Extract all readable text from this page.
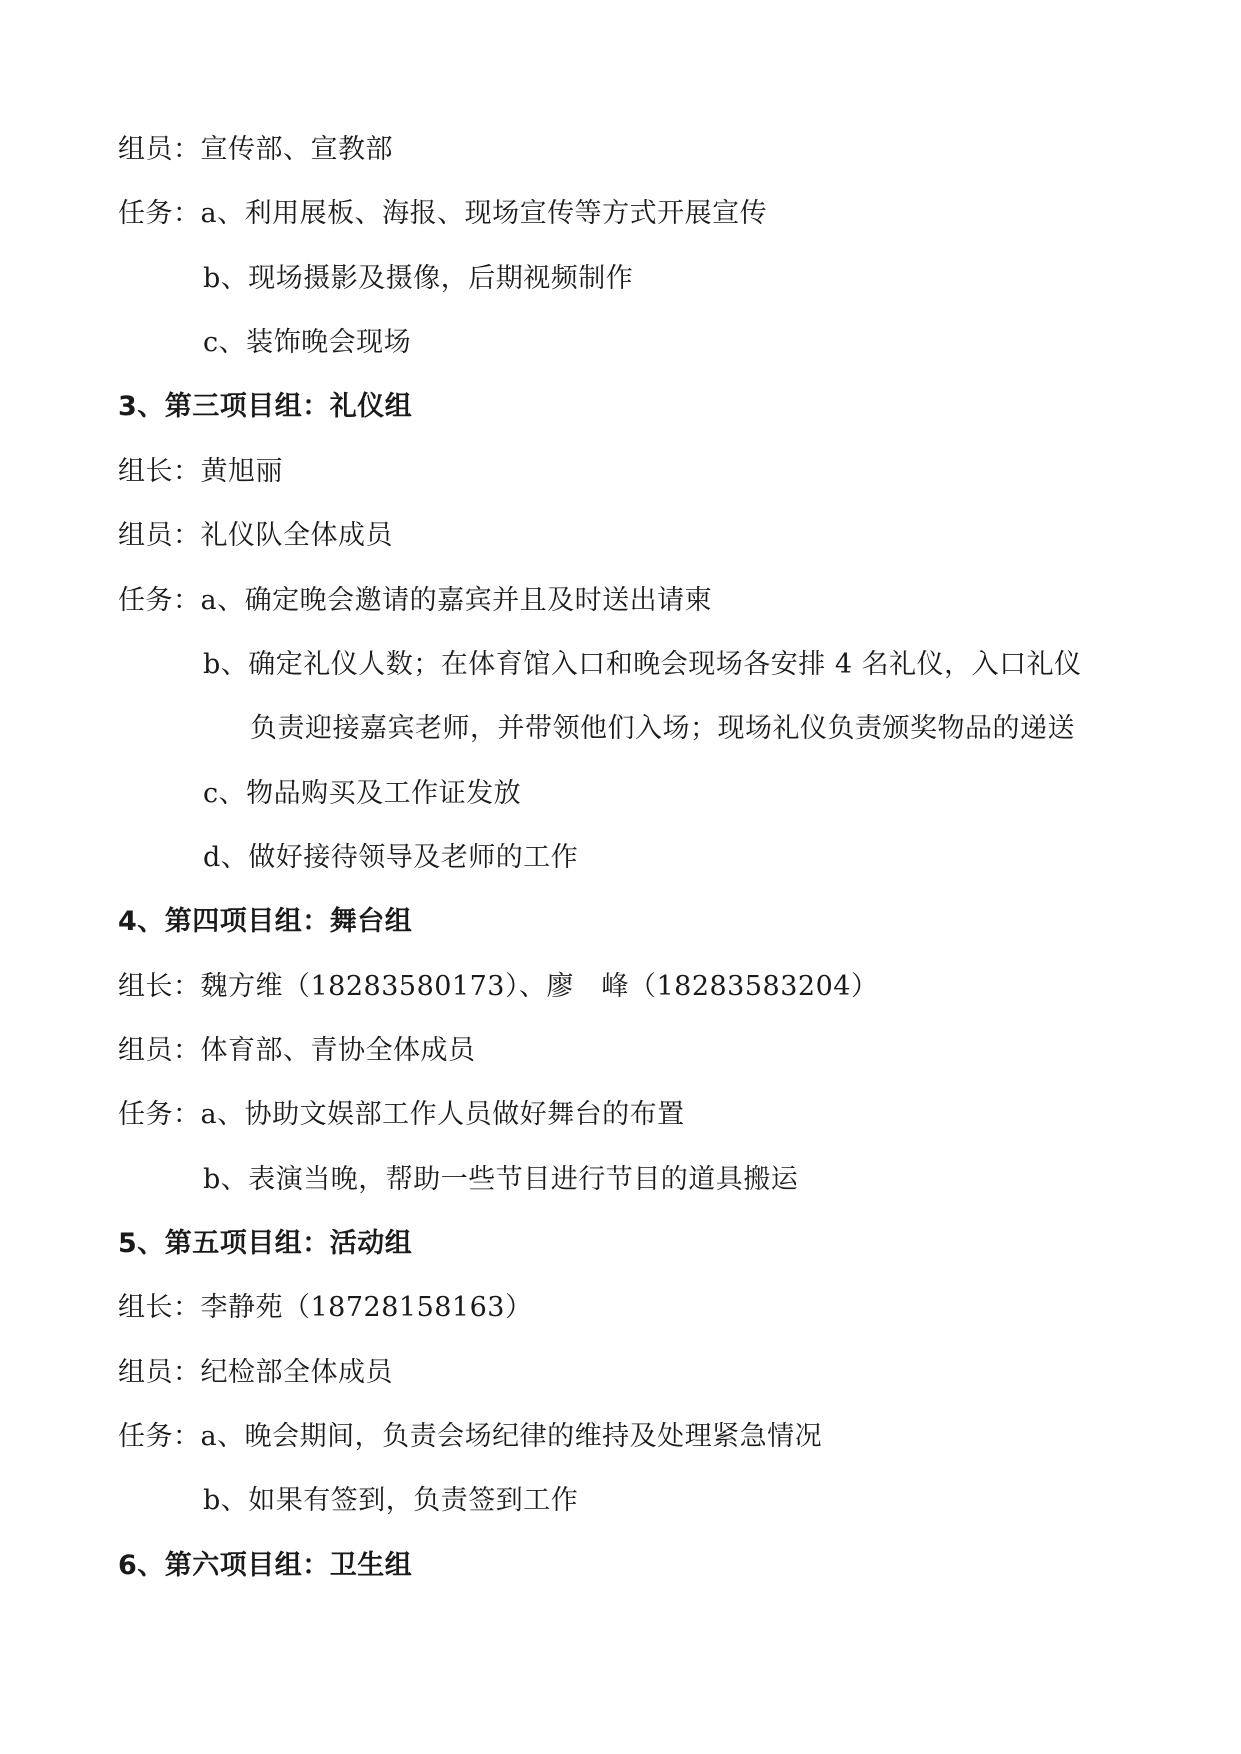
组员：宣传部、宣教部
任务：a、利用展板、海报、现场宣传等方式开展宣传
b、现场摄影及摄像，后期视频制作
c、装饰晚会现场
3、第三项目组：礼仪组
组长：黄旭丽
组员：礼仪队全体成员
任务：a、确定晚会邀请的嘉宾并且及时送出请柬
b、确定礼仪人数；在体育馆入口和晚会现场各安排 4 名礼仪，入口礼仪
负责迎接嘉宾老师，并带领他们入场；现场礼仪负责颁奖物品的递送
c、物品购买及工作证发放
d、做好接待领导及老师的工作
4、第四项目组：舞台组
组长：魏方维（18283580173）、廖　峰（18283583204）
组员：体育部、青协全体成员
任务：a、协助文娱部工作人员做好舞台的布置
b、表演当晚，帮助一些节目进行节目的道具搬运
5、第五项目组：活动组
组长：李静苑（18728158163）
组员：纪检部全体成员
任务：a、晚会期间，负责会场纪律的维持及处理紧急情况
b、如果有签到，负责签到工作
6、第六项目组：卫生组
